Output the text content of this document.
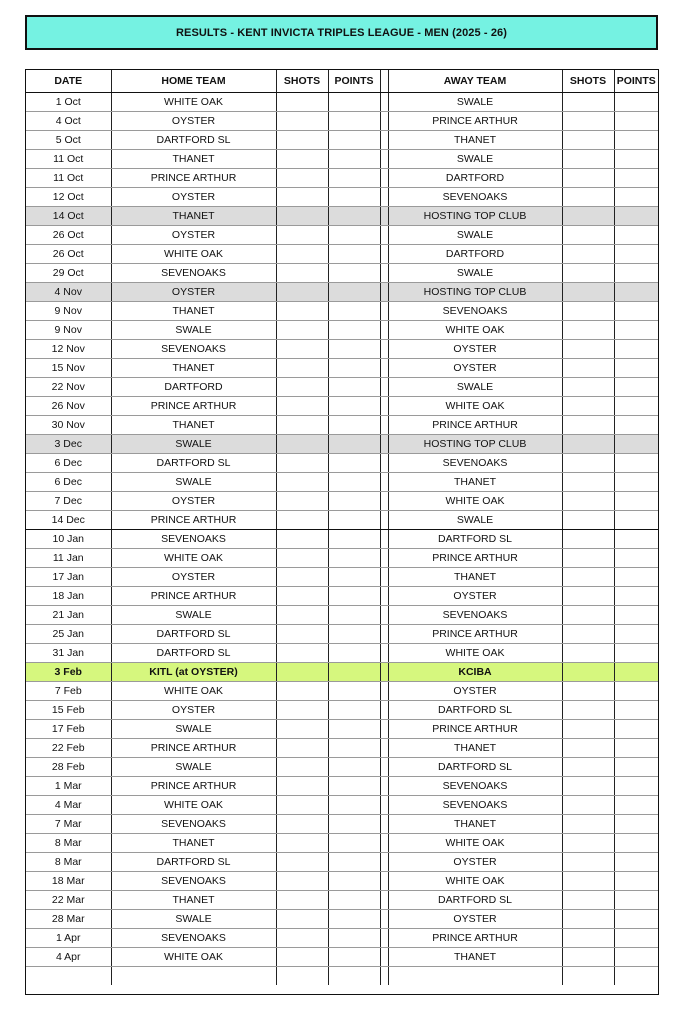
RESULTS - KENT INVICTA TRIPLES LEAGUE - MEN (2025 - 26)
DATE	HOME TEAM	SHOTS	POINTS		AWAY TEAM	SHOTS	POINTS
1 Oct	WHITE OAK				SWALE		
4 Oct	OYSTER				PRINCE ARTHUR		
5 Oct	DARTFORD SL				THANET		
11 Oct	THANET				SWALE		
11 Oct	PRINCE ARTHUR				DARTFORD		
12 Oct	OYSTER				SEVENOAKS		
14 Oct	THANET				HOSTING TOP CLUB		
26 Oct	OYSTER				SWALE		
26 Oct	WHITE OAK				DARTFORD		
29 Oct	SEVENOAKS				SWALE		
4 Nov	OYSTER				HOSTING TOP CLUB		
9 Nov	THANET				SEVENOAKS		
9 Nov	SWALE				WHITE OAK		
12 Nov	SEVENOAKS				OYSTER		
15 Nov	THANET				OYSTER		
22 Nov	DARTFORD				SWALE		
26 Nov	PRINCE ARTHUR				WHITE OAK		
30 Nov	THANET				PRINCE ARTHUR		
3 Dec	SWALE				HOSTING TOP CLUB		
6 Dec	DARTFORD SL				SEVENOAKS		
6 Dec	SWALE				THANET		
7 Dec	OYSTER				WHITE OAK		
14 Dec	PRINCE ARTHUR				SWALE		
10 Jan	SEVENOAKS				DARTFORD SL		
11 Jan	WHITE OAK				PRINCE ARTHUR		
17 Jan	OYSTER				THANET		
18 Jan	PRINCE ARTHUR				OYSTER		
21 Jan	SWALE				SEVENOAKS		
25 Jan	DARTFORD SL				PRINCE ARTHUR		
31 Jan	DARTFORD SL				WHITE OAK		
3 Feb	KITL (at OYSTER)				KCIBA		
7 Feb	WHITE OAK				OYSTER		
15 Feb	OYSTER				DARTFORD SL		
17 Feb	SWALE				PRINCE ARTHUR		
22 Feb	PRINCE ARTHUR				THANET		
28 Feb	SWALE				DARTFORD SL		
1 Mar	PRINCE ARTHUR				SEVENOAKS		
4 Mar	WHITE OAK				SEVENOAKS		
7 Mar	SEVENOAKS				THANET		
8 Mar	THANET				WHITE OAK		
8 Mar	DARTFORD SL				OYSTER		
18 Mar	SEVENOAKS				WHITE OAK		
22 Mar	THANET				DARTFORD SL		
28 Mar	SWALE				OYSTER		
1 Apr	SEVENOAKS				PRINCE ARTHUR		
4 Apr	WHITE OAK				THANET		
